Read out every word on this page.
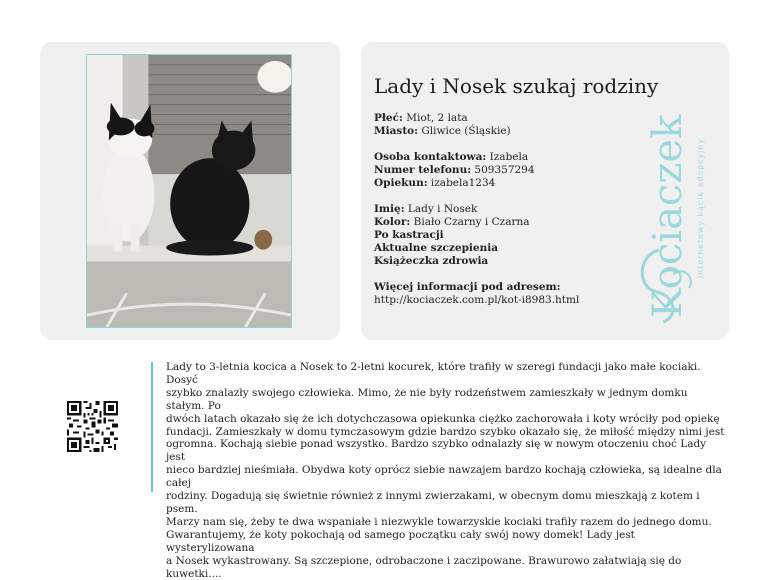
Lady i Nosek szukaj rodziny
Płeć: Miot, 2 lata
Miasto: Gliwice (Śląskie)
Osoba kontaktowa: Izabela
Numer telefonu: 509357294
Opiekun: izabela1234
Imię: Lady i Nosek
Kolor: Biało Czarny i Czarna
Po kastracji
Aktualne szczepienia
Książeczka zdrowia
Więcej informacji pod adresem:
http://kociaczek.com.pl/kot-i8983.html	Kociaczek internetowy kącik adopcyjny

Lady to 3-letnia kocica a Nosek to 2-letni kocurek, które trafiły w szeregi fundacji jako małe kociaki. Dosyć
szybko znalazły swojego człowieka. Mimo, że nie były rodzeństwem zamieszkały w jednym domku stałym. Po
dwóch latach okazało się że ich dotychczasowa opiekunka ciężko zachorowała i koty wróciły pod opiekę
fundacji. Zamieszkały w domu tymczasowym gdzie bardzo szybko okazało się, że miłość między nimi jest
ogromna. Kochają siebie ponad wszystko. Bardzo szybko odnalazły się w nowym otoczeniu choć Lady jest
nieco bardziej nieśmiała. Obydwa koty oprócz siebie nawzajem bardzo kochają człowieka, są idealne dla całej
rodziny. Dogadują się świetnie również z innymi zwierzakami, w obecnym domu mieszkają z kotem i psem.
Marzy nam się, żeby te dwa wspaniałe i niezwykle towarzyskie kociaki trafiły razem do jednego domu.
Gwarantujemy, że koty pokochają od samego początku cały swój nowy domek! Lady jest wysterylizowana
a Nosek wykastrowany. Są szczepione, odrobaczone i zaczipowane. Brawurowo załatwiają się do kuwetki....
